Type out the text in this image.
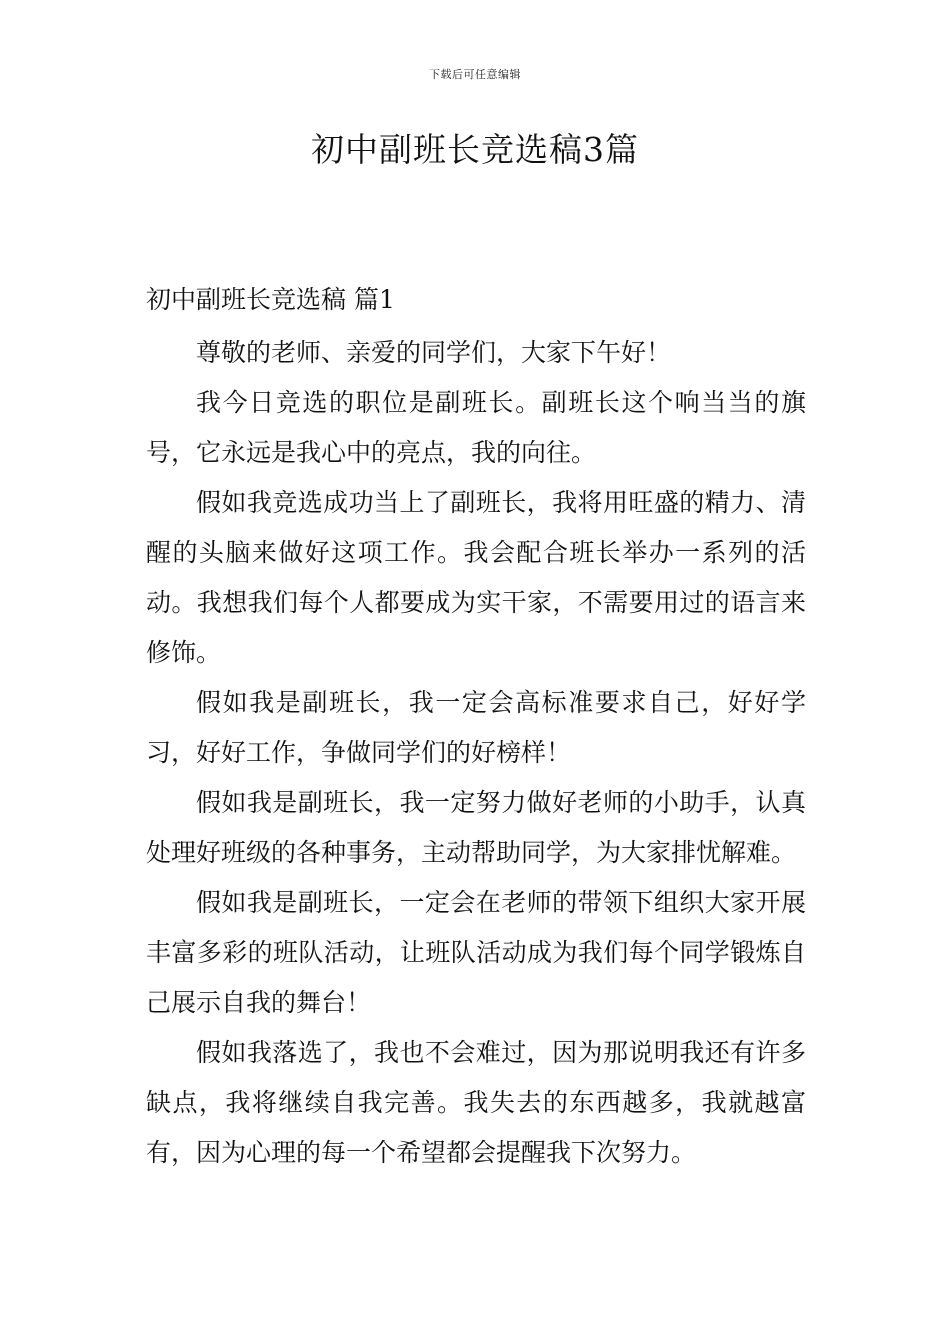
下载后可任意编辑
初中副班长竞选稿3篇
初中副班长竞选稿 篇1

尊敬的老师、亲爱的同学们，大家下午好！

我今日竞选的职位是副班长。副班长这个响当当的旗号，它永远是我心中的亮点，我的向往。

假如我竞选成功当上了副班长，我将用旺盛的精力、清醒的头脑来做好这项工作。我会配合班长举办一系列的活动。我想我们每个人都要成为实干家，不需要用过的语言来修饰。

假如我是副班长，我一定会高标准要求自己，好好学习，好好工作，争做同学们的好榜样！

假如我是副班长，我一定努力做好老师的小助手，认真处理好班级的各种事务，主动帮助同学，为大家排忧解难。

假如我是副班长，一定会在老师的带领下组织大家开展丰富多彩的班队活动，让班队活动成为我们每个同学锻炼自己展示自我的舞台！

假如我落选了，我也不会难过，因为那说明我还有许多缺点，我将继续自我完善。我失去的东西越多，我就越富有，因为心理的每一个希望都会提醒我下次努力。
